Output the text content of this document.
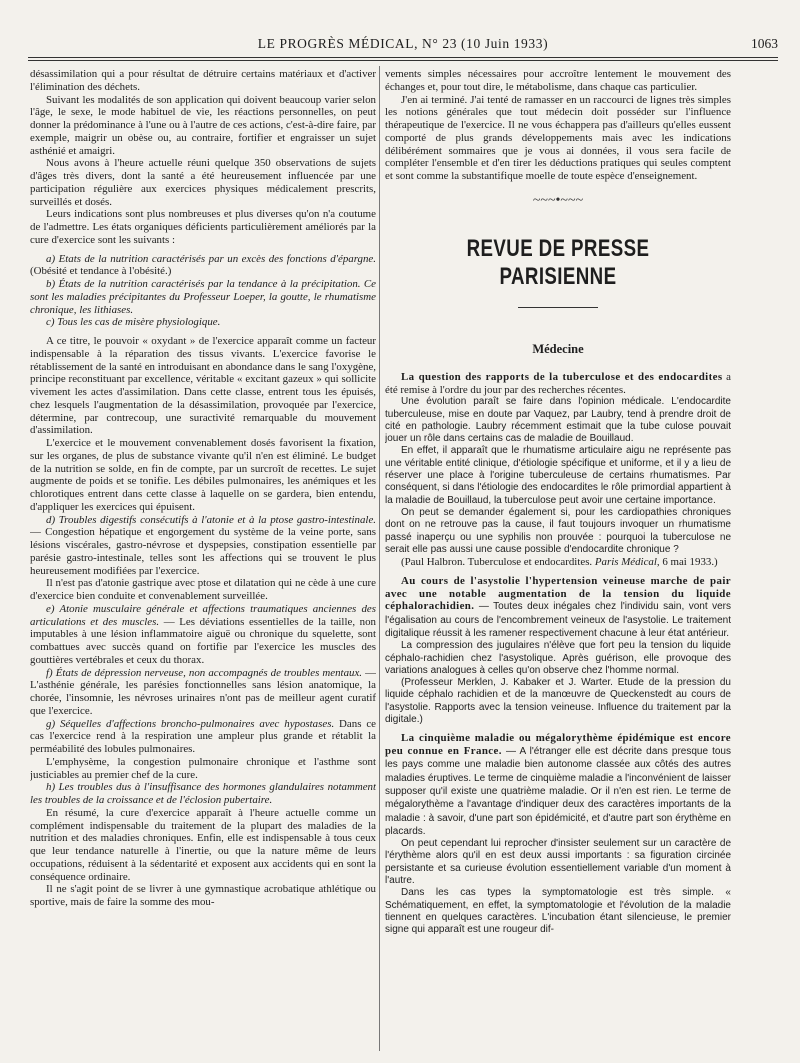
LE PROGRÈS MÉDICAL, N° 23 (10 Juin 1933)	1063

désassimilation qui a pour résultat de détruire certains matériaux et d'activer l'élimination des déchets.

Suivant les modalités de son application qui doivent beaucoup varier selon l'âge, le sexe, le mode habituel de vie, les réactions personnelles, on peut donner la prédominance à l'une ou à l'autre de ces actions, c'est-à-dire faire, par exemple, maigrir un obèse ou, au contraire, fortifier et engraisser un sujet asthénié et amaigri.

Nous avons à l'heure actuelle réuni quelque 350 observations de sujets d'âges très divers, dont la santé a été heureusement influencée par une participation régulière aux exercices physiques médicalement prescrits, surveillés et dosés.

Leurs indications sont plus nombreuses et plus diverses qu'on n'a coutume de l'admettre. Les états organiques déficients particulièrement améliorés par la cure d'exercice sont les suivants :

a) Etats de la nutrition caractérisés par un excès des fonctions d'épargne. (Obésité et tendance à l'obésité.)

b) États de la nutrition caractérisés par la tendance à la précipitation. Ce sont les maladies précipitantes du Professeur Loeper, la goutte, le rhumatisme chronique, les lithiases.

c) Tous les cas de misère physiologique.

A ce titre, le pouvoir « oxydant » de l'exercice apparaît comme un facteur indispensable à la réparation des tissus vivants. L'exercice favorise le rétablissement de la santé en introduisant en abondance dans le sang l'oxygène, principe reconstituant par excellence, véritable « excitant gazeux » qui sollicite vivement les actes d'assimilation. Dans cette classe, entrent tous les épuisés, chez lesquels l'augmentation de la désassimilation, provoquée par l'exercice, détermine, par contrecoup, une suractivité remarquable du mouvement d'assimilation.

L'exercice et le mouvement convenablement dosés favorisent la fixation, sur les organes, de plus de substance vivante qu'il n'en est éliminé. Le budget de la nutrition se solde, en fin de compte, par un surcroît de recettes. Le sujet augmente de poids et se tonifie. Les débiles pulmonaires, les anémiques et les chlorotiques entrent dans cette classe à laquelle on se gardera, bien entendu, d'appliquer les exercices qui épuisent.

d) Troubles digestifs consécutifs à l'atonie et à la ptose gastro-intestinale. — Congestion hépatique et engorgement du système de la veine porte, sans lésions viscérales, gastro-névrose et dyspepsies, constipation essentielle par parésie gastro-intestinale, telles sont les affections qui se trouvent le plus heureusement modifiées par l'exercice.

Il n'est pas d'atonie gastrique avec ptose et dilatation qui ne cède à une cure d'exercice bien conduite et convenablement surveillée.

e) Atonie musculaire générale et affections traumatiques anciennes des articulations et des muscles. — Les déviations essentielles de la taille, non imputables à une lésion inflammatoire aiguë ou chronique du squelette, sont combattues avec succès quand on fortifie par l'exercice les muscles des gouttières vertébrales et ceux du thorax.

f) États de dépression nerveuse, non accompagnés de troubles mentaux. — L'asthénie générale, les parésies fonctionnelles sans lésion anatomique, la chorée, l'insomnie, les névroses urinaires n'ont pas de meilleur agent curatif que l'exercice.

g) Séquelles d'affections broncho-pulmonaires avec hypostases. Dans ce cas l'exercice rend à la respiration une ampleur plus grande et rétablit la perméabilité des lobules pulmonaires.

L'emphysème, la congestion pulmonaire chronique et l'asthme sont justiciables au premier chef de la cure.

h) Les troubles dus à l'insuffisance des hormones glandulaires notamment les troubles de la croissance et de l'éclosion pubertaire.

En résumé, la cure d'exercice apparaît à l'heure actuelle comme un complément indispensable du traitement de la plupart des maladies de la nutrition et des maladies chroniques. Enfin, elle est indispensable à tous ceux que leur tendance naturelle à l'inertie, ou que la nature même de leurs occupations, réduisent à la sédentarité et exposent aux accidents qui en sont la conséquence ordinaire.

Il ne s'agit point de se livrer à une gymnastique acrobatique athlétique ou sportive, mais de faire la somme des mou-

vements simples nécessaires pour accroître lentement le mouvement des échanges et, pour tout dire, le métabolisme, dans chaque cas particulier.

J'en ai terminé. J'ai tenté de ramasser en un raccourci de lignes très simples les notions générales que tout médecin doit posséder sur l'influence thérapeutique de l'exercice. Il ne vous échappera pas d'ailleurs qu'elles eussent comporté de plus grands développements mais avec les indications délibérément sommaires que je vous ai données, il vous sera facile de compléter l'ensemble et d'en tirer les déductions pratiques qui seules comptent et sont comme la substantifique moelle de toute espèce d'enseignement.

~~~•~~~
REVUE DE PRESSE PARISIENNE
Médecine

La question des rapports de la tuberculose et des endocardites a été remise à l'ordre du jour par des recherches récentes.

Une évolution paraît se faire dans l'opinion médicale. L'endocardite tuberculeuse, mise en doute par Vaquez, par Laubry, tend à prendre droit de cité en pathologie. Laubry récemment estimait que la tube culose pouvait jouer un rôle dans certains cas de maladie de Bouillaud.

En effet, il apparaît que le rhumatisme articulaire aigu ne représente pas une véritable entité clinique, d'étiologie spécifique et uniforme, et il y a lieu de réserver une place à l'origine tuberculeuse de certains rhumatismes. Par conséquent, si dans l'étiologie des endocardites le rôle primordial appartient à la maladie de Bouillaud, la tuberculose peut avoir une certaine importance.

On peut se demander également si, pour les cardiopathies chroniques dont on ne retrouve pas la cause, il faut toujours invoquer un rhumatisme passé inaperçu ou une syphilis non prouvée : pourquoi la tuberculose ne serait elle pas aussi une cause possible d'endocardite chronique ?

(Paul Halbron. Tuberculose et endocardites. Paris Médical, 6 mai 1933.)

Au cours de l'asystolie l'hypertension veineuse marche de pair avec une notable augmentation de la tension du liquide céphalorachidien. — Toutes deux inégales chez l'individu sain, vont vers l'égalisation au cours de l'encombrement veineux de l'asystolie. Le traitement digitalique réussit à les ramener respectivement chacune à leur état antérieur.

La compression des jugulaires n'élève que fort peu la tension du liquide céphalo-rachidien chez l'asystolique. Après guérison, elle provoque des variations analogues à celles qu'on observe chez l'homme normal.

(Professeur Merklen, J. Kabaker et J. Warter. Etude de la pression du liquide céphalo rachidien et de la manœuvre de Queckenstedt au cours de l'asystolie. Rapports avec la tension veineuse. Influence du traitement par la digitale.)

La cinquième maladie ou mégalorythème épidémique est encore peu connue en France. — A l'étranger elle est décrite dans presque tous les pays comme une maladie bien autonome classée aux côtés des autres maladies éruptives. Le terme de cinquième maladie a l'inconvénient de laisser supposer qu'il existe une quatrième maladie. Or il n'en est rien. Le terme de mégalorythème a l'avantage d'indiquer deux des caractères importants de la maladie : à savoir, d'une part son épidémicité, et d'autre part son érythème en placards.

On peut cependant lui reprocher d'insister seulement sur un caractère de l'érythème alors qu'il en est deux aussi importants : sa figuration circinée persistante et sa curieuse évolution essentiellement variable d'un moment à l'autre.

Dans les cas types la symptomatologie est très simple. « Schématiquement, en effet, la symptomatologie et l'évolution de la maladie tiennent en quelques caractères. L'incubation étant silencieuse, le premier signe qui apparaît est une rougeur dif-
